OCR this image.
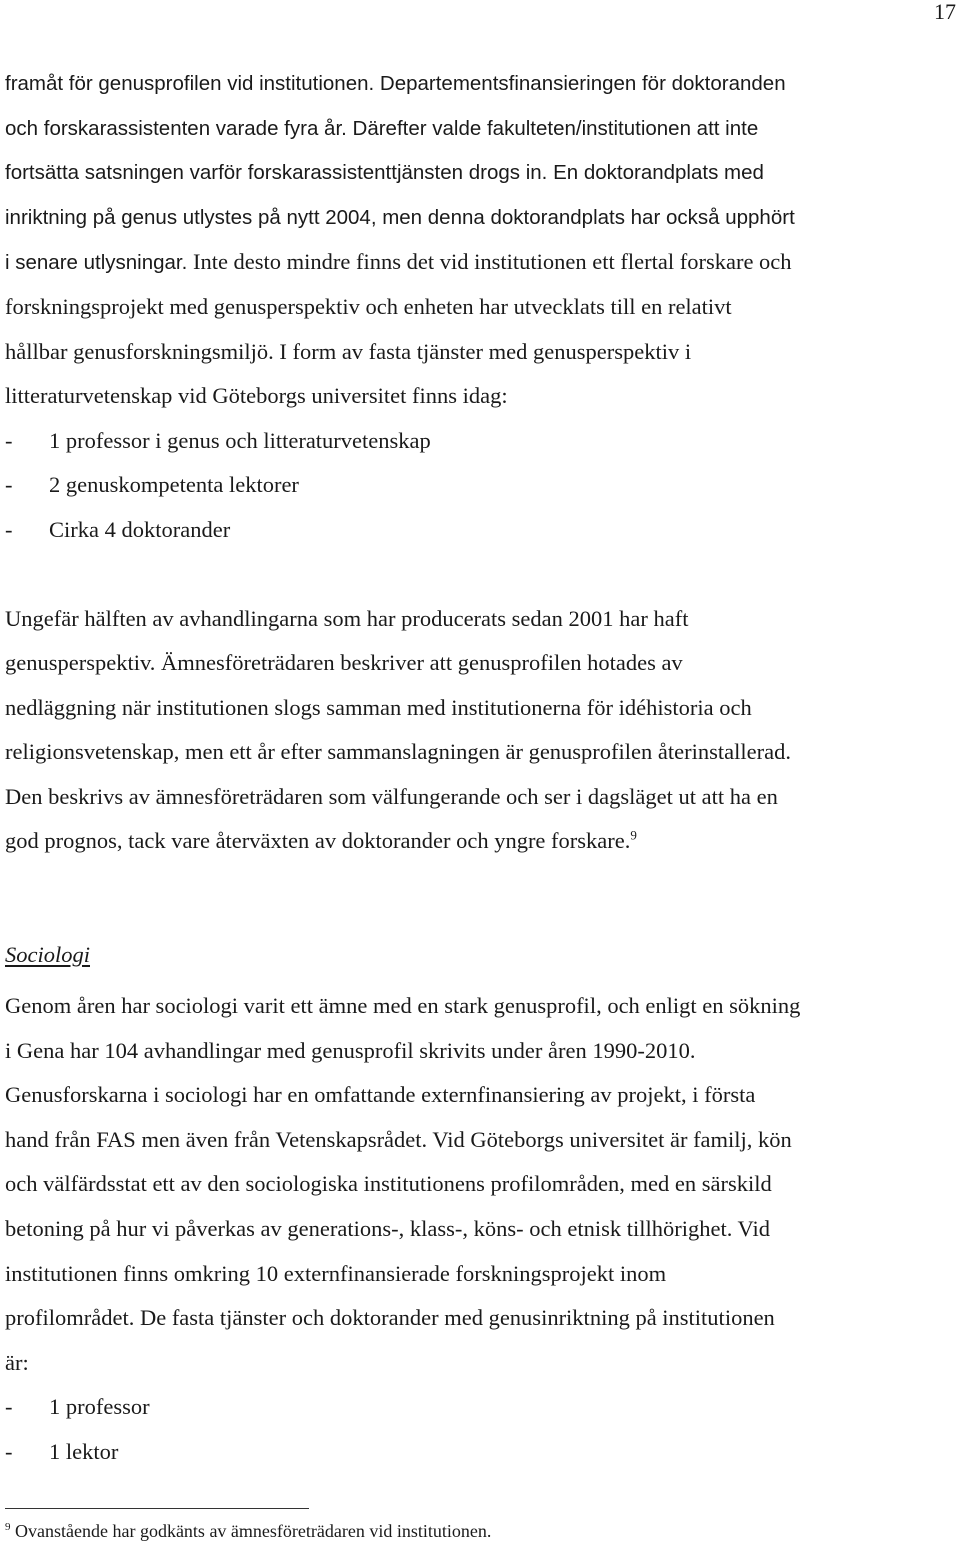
17
framåt för genusprofilen vid institutionen. Departementsfinansieringen för doktoranden
och forskarassistenten varade fyra år. Därefter valde fakulteten/institutionen att inte
fortsätta satsningen varför forskarassistenttjänsten drogs in. En doktorandplats med
inriktning på genus utlystes på nytt 2004, men denna doktorandplats har också upphört
i senare utlysningar. Inte desto mindre finns det vid institutionen ett flertal forskare och
forskningsprojekt med genusperspektiv och enheten har utvecklats till en relativt
hållbar genusforskningsmiljö. I form av fasta tjänster med genusperspektiv i
litteraturvetenskap vid Göteborgs universitet finns idag:
- 1 professor i genus och litteraturvetenskap
- 2 genuskompetenta lektorer
- Cirka 4 doktorander
Ungefär hälften av avhandlingarna som har producerats sedan 2001 har haft
genusperspektiv. Ämnesföreträdaren beskriver att genusprofilen hotades av
nedläggning när institutionen slogs samman med institutionerna för idéhistoria och
religionsvetenskap, men ett år efter sammanslagningen är genusprofilen återinstallerad.
Den beskrivs av ämnesföreträdaren som välfungerande och ser i dagsläget ut att ha en
god prognos, tack vare återväxten av doktorander och yngre forskare.$^9$
Sociologi
Genom åren har sociologi varit ett ämne med en stark genusprofil, och enligt en sökning
i Gena har 104 avhandlingar med genusprofil skrivits under åren 1990-2010.
Genusforskarna i sociologi har en omfattande externfinansiering av projekt, i första
hand från FAS men även från Vetenskapsrådet. Vid Göteborgs universitet är familj, kön
och välfärdsstat ett av den sociologiska institutionens profilområden, med en särskild
betoning på hur vi påverkas av generations-, klass-, köns- och etnisk tillhörighet. Vid
institutionen finns omkring 10 externfinansierade forskningsprojekt inom
profilområdet. De fasta tjänster och doktorander med genusinriktning på institutionen
är:
- 1 professor
- 1 lektor
$^9$ Ovanstående har godkänts av ämnesföreträdaren vid institutionen.
